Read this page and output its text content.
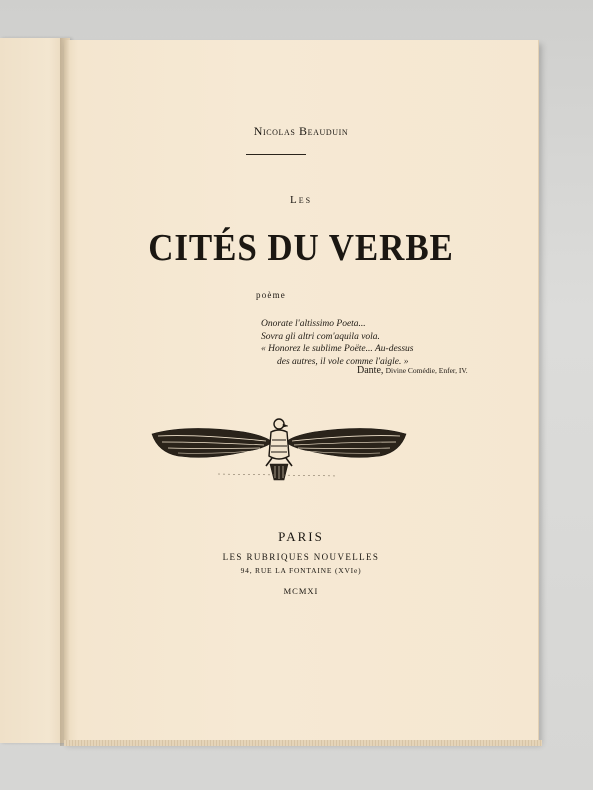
Nicolas Beauduin
Les
CITÉS DU VERBE
poème
Onorate l'altissimo Poeta...
Sovra gli altri com'aquila vola.
« Honorez le sublime Poëte... Au-dessus
des autres, il vole comme l'aigle. »
Dante, Divine Comédie, Enfer, IV.
PARIS
LES RUBRIQUES NOUVELLES
94, RUE LA FONTAINE (XVIe)
MCMXI
